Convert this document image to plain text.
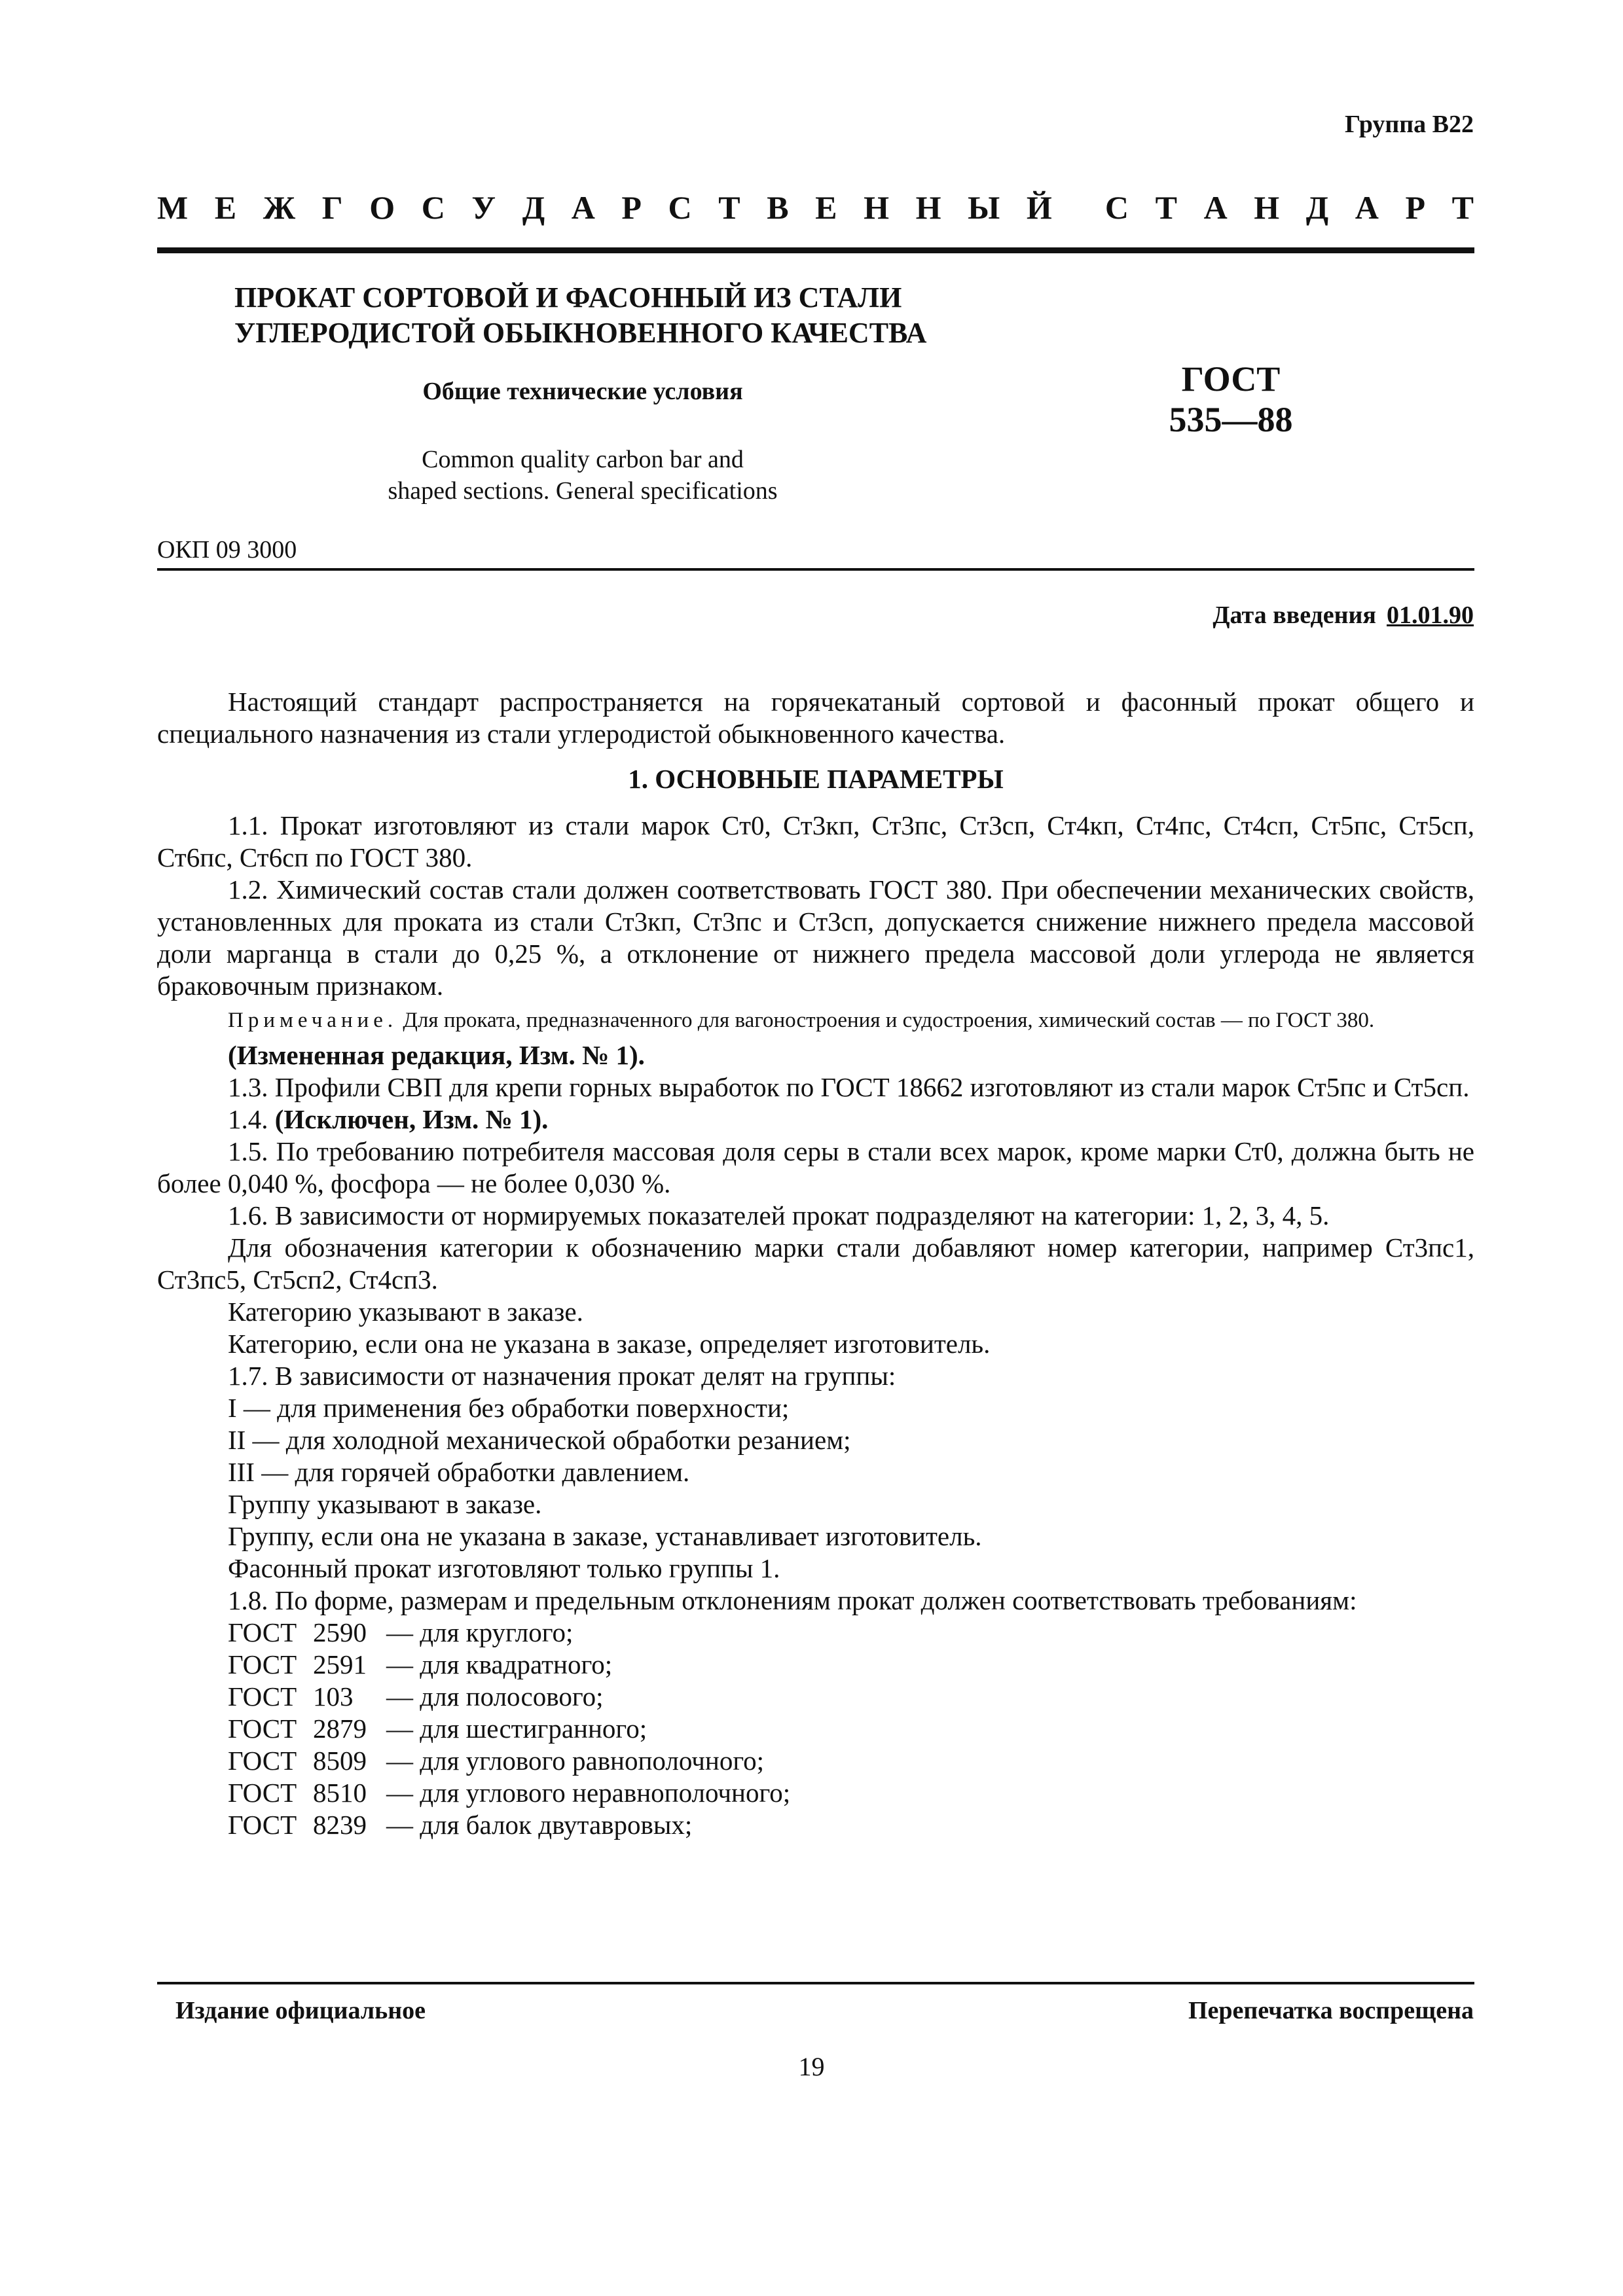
Группа В22
М Е Ж Г О С У Д А Р С Т В Е Н Н Ы Й С Т А Н Д А Р Т
ПРОКАТ СОРТОВОЙ И ФАСОННЫЙ ИЗ СТАЛИ
УГЛЕРОДИСТОЙ ОБЫКНОВЕННОГО КАЧЕСТВА
Общие технические условия
Common quality carbon bar and
shaped sections. General specifications
ГОСТ
535—88
ОКП 09 3000
Дата введения 01.01.90

Настоящий стандарт распространяется на горячекатаный сортовой и фасонный прокат общего и специального назначения из стали углеродистой обыкновенного качества.

1. ОСНОВНЫЕ ПАРАМЕТРЫ

1.1. Прокат изготовляют из стали марок Ст0, Ст3кп, Ст3пс, Ст3сп, Ст4кп, Ст4пс, Ст4сп, Ст5пс, Ст5сп, Ст6пс, Ст6сп по ГОСТ 380.

1.2. Химический состав стали должен соответствовать ГОСТ 380. При обеспечении механических свойств, установленных для проката из стали Ст3кп, Ст3пс и Ст3сп, допускается снижение нижнего предела массовой доли марганца в стали до 0,25 %, а отклонение от нижнего предела массовой доли углерода не является браковочным признаком.

Примечание. Для проката, предназначенного для вагоностроения и судостроения, химический состав — по ГОСТ 380.

(Измененная редакция, Изм. № 1).

1.3. Профили СВП для крепи горных выработок по ГОСТ 18662 изготовляют из стали марок Ст5пс и Ст5сп.

1.4. (Исключен, Изм. № 1).

1.5. По требованию потребителя массовая доля серы в стали всех марок, кроме марки Ст0, должна быть не более 0,040 %, фосфора — не более 0,030 %.

1.6. В зависимости от нормируемых показателей прокат подразделяют на категории: 1, 2, 3, 4, 5.

Для обозначения категории к обозначению марки стали добавляют номер категории, например Ст3пс1, Ст3пс5, Ст5сп2, Ст4сп3.

Категорию указывают в заказе.

Категорию, если она не указана в заказе, определяет изготовитель.

1.7. В зависимости от назначения прокат делят на группы:

I — для применения без обработки поверхности;

II — для холодной механической обработки резанием;

III — для горячей обработки давлением.

Группу указывают в заказе.

Группу, если она не указана в заказе, устанавливает изготовитель.

Фасонный прокат изготовляют только группы 1.

1.8. По форме, размерам и предельным отклонениям прокат должен соответствовать требованиям:

ГОСТ 2590 — для круглого;
ГОСТ 2591 — для квадратного;
ГОСТ 103 — для полосового;
ГОСТ 2879 — для шестигранного;
ГОСТ 8509 — для углового равнополочного;
ГОСТ 8510 — для углового неравнополочного;
ГОСТ 8239 — для балок двутавровых;
Издание официальное	Перепечатка воспрещена
19
